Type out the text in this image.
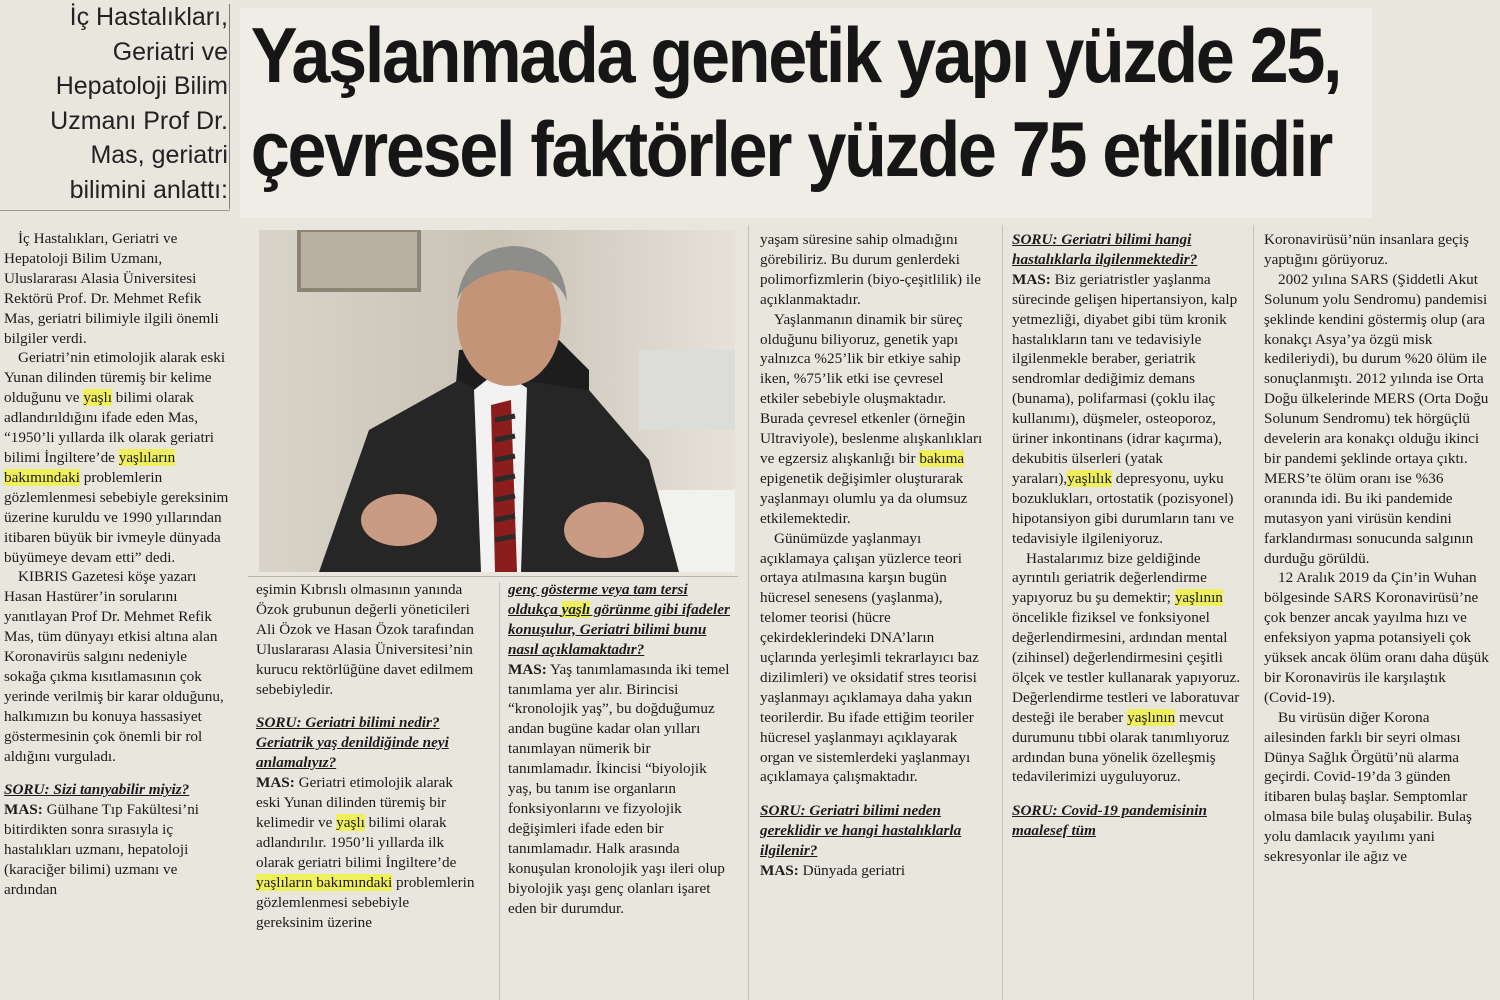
İç Hastalıkları,
Geriatri ve
Hepatoloji Bilim
Uzmanı Prof Dr.
Mas, geriatri
bilimini anlattı:
Yaşlanmada genetik yapı yüzde 25,
çevresel faktörler yüzde 75 etkilidir

İç Hastalıkları, Geriatri ve Hepatoloji Bilim Uzmanı, Uluslararası Alasia Üniversitesi Rektörü Prof. Dr. Mehmet Refik Mas, geriatri bilimiyle ilgili önemli bilgiler verdi.

Geriatri’nin etimolojik alarak eski Yunan dilinden türemiş bir kelime olduğunu ve yaşlı bilimi olarak adlandırıldığını ifade eden Mas, “1950’li yıllarda ilk olarak geriatri bilimi İngiltere’de yaşlıların bakımındaki problemlerin gözlemlenmesi sebebiyle gereksinim üzerine kuruldu ve 1990 yıllarından itibaren büyük bir ivmeyle dünyada büyümeye devam etti” dedi.

KIBRIS Gazetesi köşe yazarı Hasan Hastürer’in sorularını yanıtlayan Prof Dr. Mehmet Refik Mas, tüm dünyayı etkisi altına alan Koronavirüs salgını nedeniyle sokağa çıkma kısıtlamasının çok yerinde verilmiş bir karar olduğunu, halkımızın bu konuya hassasiyet göstermesinin çok önemli bir rol aldığını vurguladı.

SORU: Sizi tanıyabilir miyiz?

MAS: Gülhane Tıp Fakültesi’ni bitirdikten sonra sırasıyla iç hastalıkları uzmanı, hepatoloji (karaciğer bilimi) uzmanı ve ardından

eşimin Kıbrıslı olmasının yanında Özok grubunun değerli yöneticileri Ali Özok ve Hasan Özok tarafından Uluslararası Alasia Üniversitesi’nin kurucu rektörlüğüne davet edilmem sebebiyledir.

SORU: Geriatri bilimi nedir? Geriatrik yaş denildiğinde neyi anlamalıyız?

MAS: Geriatri etimolojik alarak eski Yunan dilinden türemiş bir kelimedir ve yaşlı bilimi olarak adlandırılır. 1950’li yıllarda ilk olarak geriatri bilimi İngiltere’de yaşlıların bakımındaki problemlerin gözlemlenmesi sebebiyle gereksinim üzerine

genç gösterme veya tam tersi oldukça yaşlı görünme gibi ifadeler konuşulur, Geriatri bilimi bunu nasıl açıklamaktadır?

MAS: Yaş tanımlamasında iki temel tanımlama yer alır. Birincisi “kronolojik yaş”, bu doğduğumuz andan bugüne kadar olan yılları tanımlayan nümerik bir tanımlamadır. İkincisi “biyolojik yaş, bu tanım ise organların fonksiyonlarını ve fizyolojik değişimleri ifade eden bir tanımlamadır. Halk arasında konuşulan kronolojik yaşı ileri olup biyolojik yaşı genç olanları işaret eden bir durumdur.

yaşam süresine sahip olmadığını görebiliriz. Bu durum genlerdeki polimorfizmlerin (biyo-çeşitlilik) ile açıklanmaktadır.

Yaşlanmanın dinamik bir süreç olduğunu biliyoruz, genetik yapı yalnızca %25’lik bir etkiye sahip iken, %75’lik etki ise çevresel etkiler sebebiyle oluşmaktadır. Burada çevresel etkenler (örneğin Ultraviyole), beslenme alışkanlıkları ve egzersiz alışkanlığı bir bakıma epigenetik değişimler oluşturarak yaşlanmayı olumlu ya da olumsuz etkilemektedir.

Günümüzde yaşlanmayı açıklamaya çalışan yüzlerce teori ortaya atılmasına karşın bugün hücresel senesens (yaşlanma), telomer teorisi (hücre çekirdeklerindeki DNA’ların uçlarında yerleşimli tekrarlayıcı baz dizilimleri) ve oksidatif stres teorisi yaşlanmayı açıklamaya daha yakın teorilerdir. Bu ifade ettiğim teoriler hücresel yaşlanmayı açıklayarak organ ve sistemlerdeki yaşlanmayı açıklamaya çalışmaktadır.

SORU: Geriatri bilimi neden gereklidir ve hangi hastalıklarla ilgilenir?

MAS: Dünyada geriatri

SORU: Geriatri bilimi hangi hastalıklarla ilgilenmektedir?

MAS: Biz geriatristler yaşlanma sürecinde gelişen hipertansiyon, kalp yetmezliği, diyabet gibi tüm kronik hastalıkların tanı ve tedavisiyle ilgilenmekle beraber, geriatrik sendromlar dediğimiz demans (bunama), polifarmasi (çoklu ilaç kullanımı), düşmeler, osteoporoz, üriner inkontinans (idrar kaçırma), dekubitis ülserleri (yatak yaraları),yaşlılık depresyonu, uyku bozuklukları, ortostatik (pozisyonel) hipotansiyon gibi durumların tanı ve tedavisiyle ilgileniyoruz.

Hastalarımız bize geldiğinde ayrıntılı geriatrik değerlendirme yapıyoruz bu şu demektir; yaşlının öncelikle fiziksel ve fonksiyonel değerlendirmesini, ardından mental (zihinsel) değerlendirmesini çeşitli ölçek ve testler kullanarak yapıyoruz. Değerlendirme testleri ve laboratuvar desteği ile beraber yaşlının mevcut durumunu tıbbi olarak tanımlıyoruz ardından buna yönelik özelleşmiş tedavilerimizi uyguluyoruz.

SORU: Covid-19 pandemisinin maalesef tüm

Koronavirüsü’nün insanlara geçiş yaptığını görüyoruz.

2002 yılına SARS (Şiddetli Akut Solunum yolu Sendromu) pandemisi şeklinde kendini göstermiş olup (ara konakçı Asya’ya özgü misk kedileriydi), bu durum %20 ölüm ile sonuçlanmıştı. 2012 yılında ise Orta Doğu ülkelerinde MERS (Orta Doğu Solunum Sendromu) tek hörgüçlü develerin ara konakçı olduğu ikinci bir pandemi şeklinde ortaya çıktı. MERS’te ölüm oranı ise %36 oranında idi. Bu iki pandemide mutasyon yani virüsün kendini farklandırması sonucunda salgının durduğu görüldü.

12 Aralık 2019 da Çin’in Wuhan bölgesinde SARS Koronavirüsü’ne çok benzer ancak yayılma hızı ve enfeksiyon yapma potansiyeli çok yüksek ancak ölüm oranı daha düşük bir Koronavirüs ile karşılaştık (Covid-19).

Bu virüsün diğer Korona ailesinden farklı bir seyri olması Dünya Sağlık Örgütü’nü alarma geçirdi. Covid-19’da 3 günden itibaren bulaş başlar. Semptomlar olmasa bile bulaş oluşabilir. Bulaş yolu damlacık yayılımı yani sekresyonlar ile ağız ve
